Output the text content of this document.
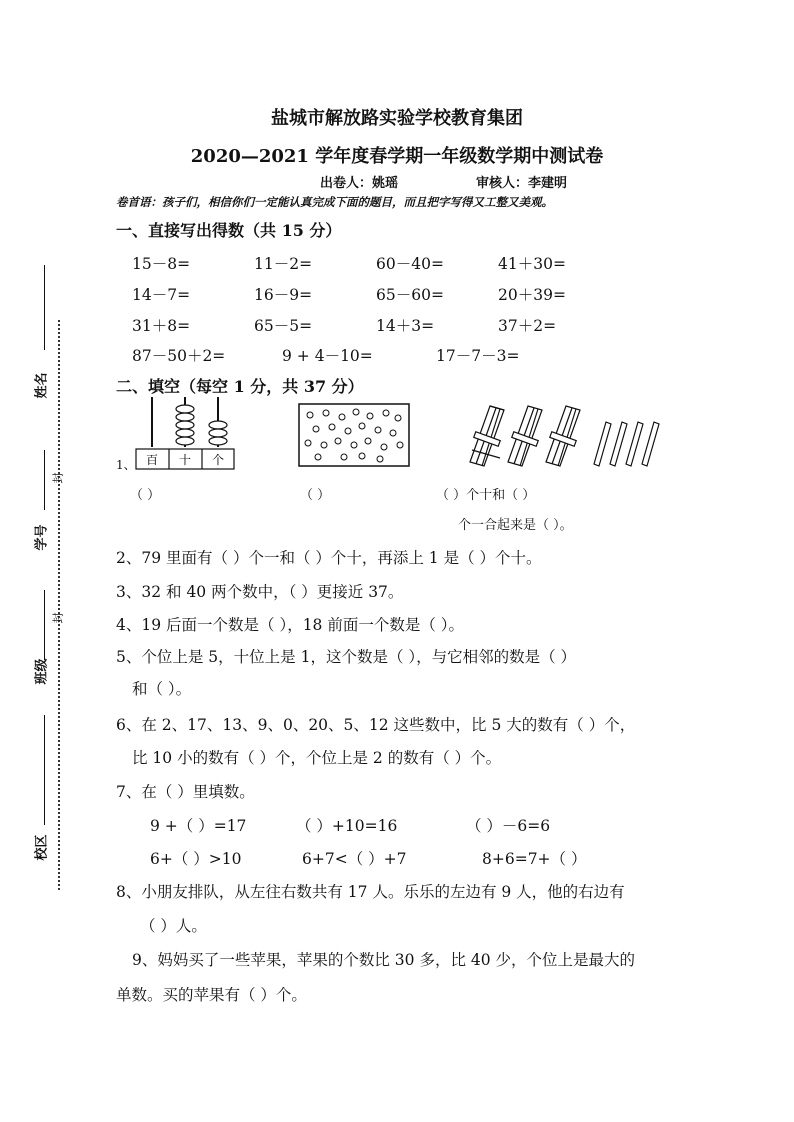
盐城市解放路实验学校教育集团
2020—2021 学年度春学期一年级数学期中测试卷
出卷人：姚瑶	审核人：李建明
卷首语：孩子们，相信你们一定能认真完成下面的题目，而且把字写得又工整又美观。
姓名
学号
班级
校区
封
封
一、直接写出得数（共 15 分）
15－8=	11－2=	60－40=	41＋30=
14－7=	16－9=	65－60=	20＋39=
31＋8=	65－5=	14＋3=	37＋2=
87－50＋2=	9 + 4－10=	17－7－3=
二、填空（每空 1 分，共 37 分）
1、 百 十 个
（ ）	（ ）	（ ）个十和（ ）
个一合起来是（ ）。
2、79 里面有（ ）个一和（ ）个十，再添上 1 是（ ）个十。
3、32 和 40 两个数中，（ ）更接近 37。
4、19 后面一个数是（ ），18 前面一个数是（ ）。
5、个位上是 5，十位上是 1，这个数是（ ），与它相邻的数是（ ）
和（ ）。
6、在 2、17、13、9、0、20、5、12 这些数中，比 5 大的数有（ ）个，
比 10 小的数有（ ）个，个位上是 2 的数有（ ）个。
7、在（ ）里填数。
9 +（ ）=17	（ ）+10=16	（ ）－6=6
6+（ ）>10	6+7<（ ）+7	8+6=7+（ ）
8、小朋友排队，从左往右数共有 17 人。乐乐的左边有 9 人，他的右边有
（ ）人。
9、妈妈买了一些苹果，苹果的个数比 30 多，比 40 少，个位上是最大的
单数。买的苹果有（ ）个。
